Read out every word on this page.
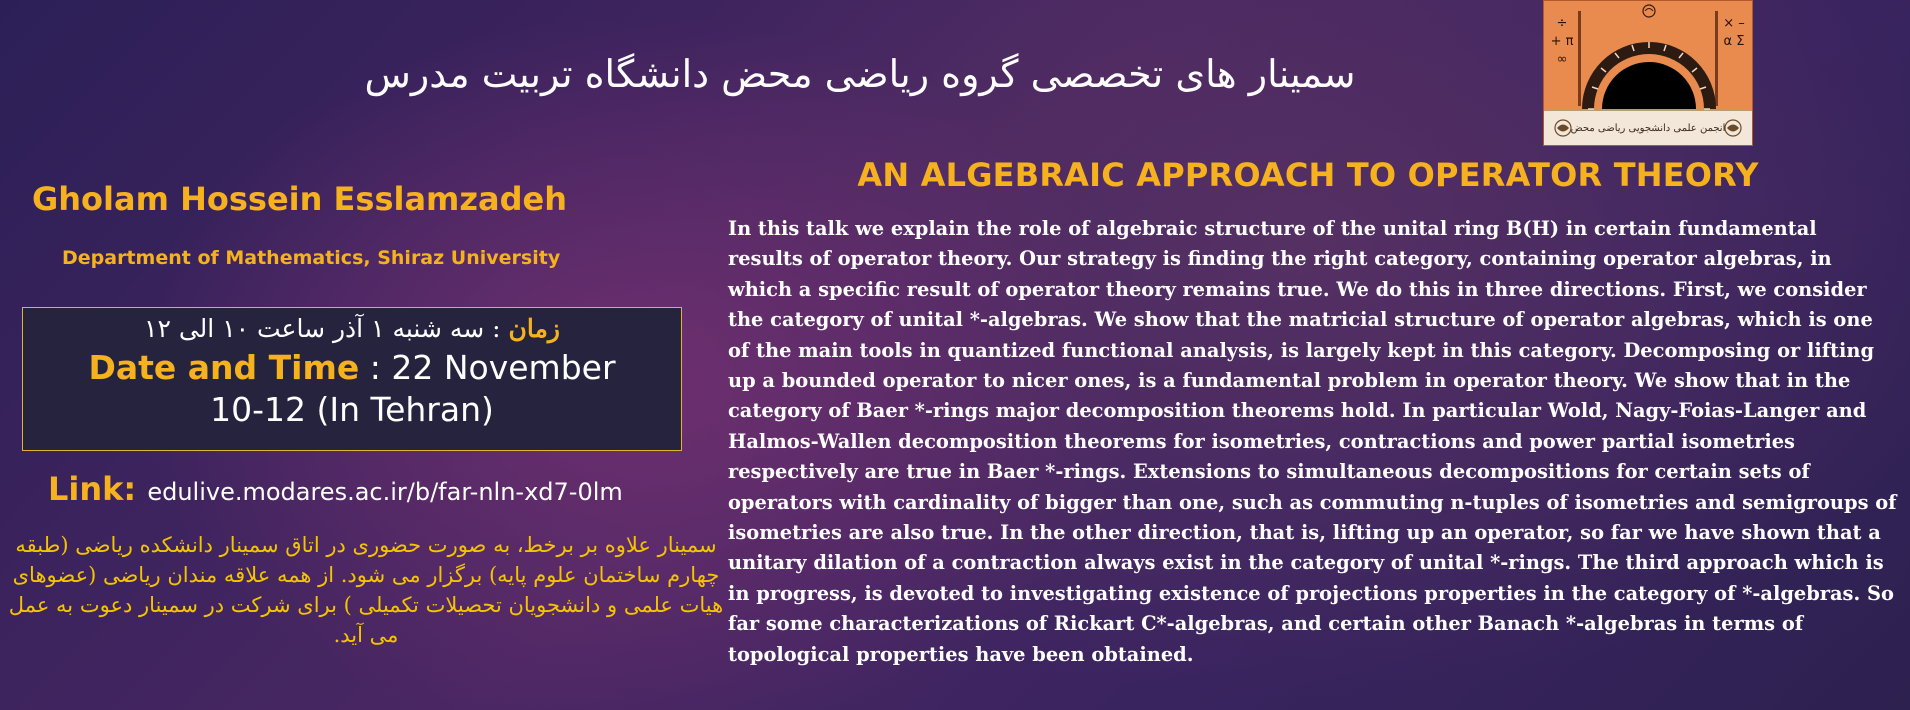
سمینار های تخصصی گروه ریاضی محض دانشگاه تربیت مدرس
÷ + π ∞
× – α Σ
انجمن علمی دانشجویی ریاضی محض
AN ALGEBRAIC APPROACH TO OPERATOR THEORY
Gholam Hossein Esslamzadeh
Department of Mathematics, Shiraz University
زمان : سه شنبه ۱ آذر ساعت ۱۰ الی ۱۲
Date and Time : 22 November
10-12 (In Tehran)
Link: edulive.modares.ac.ir/b/far-nln-xd7-0lm
سمینار علاوه بر برخط، به صورت حضوری در اتاق سمینار دانشکده ریاضی (طبقه چهارم ساختمان علوم پایه) برگزار می شود. از همه علاقه مندان ریاضی (عضوهای هیات علمی و دانشجویان تحصیلات تکمیلی ) برای شرکت در سمینار دعوت به عمل می آید.
In this talk we explain the role of algebraic structure of the unital ring B(H) in certain fundamental results of operator theory. Our strategy is finding the right category, containing operator algebras, in which a specific result of operator theory remains true. We do this in three directions. First, we consider the category of unital *-algebras. We show that the matricial structure of operator algebras, which is one of the main tools in quantized functional analysis, is largely kept in this category. Decomposing or lifting up a bounded operator to nicer ones, is a fundamental problem in operator theory. We show that in the category of Baer *-rings major decomposition theorems hold. In particular Wold, Nagy-Foias-Langer and Halmos-Wallen decomposition theorems for isometries, contractions and power partial isometries respectively are true in Baer *-rings. Extensions to simultaneous decompositions for certain sets of operators with cardinality of bigger than one, such as commuting n-tuples of isometries and semigroups of isometries are also true. In the other direction, that is, lifting up an operator, so far we have shown that a unitary dilation of a contraction always exist in the category of unital *-rings. The third approach which is in progress, is devoted to investigating existence of projections properties in the category of *-algebras. So far some characterizations of Rickart C*-algebras, and certain other Banach *-algebras in terms of topological properties have been obtained.
